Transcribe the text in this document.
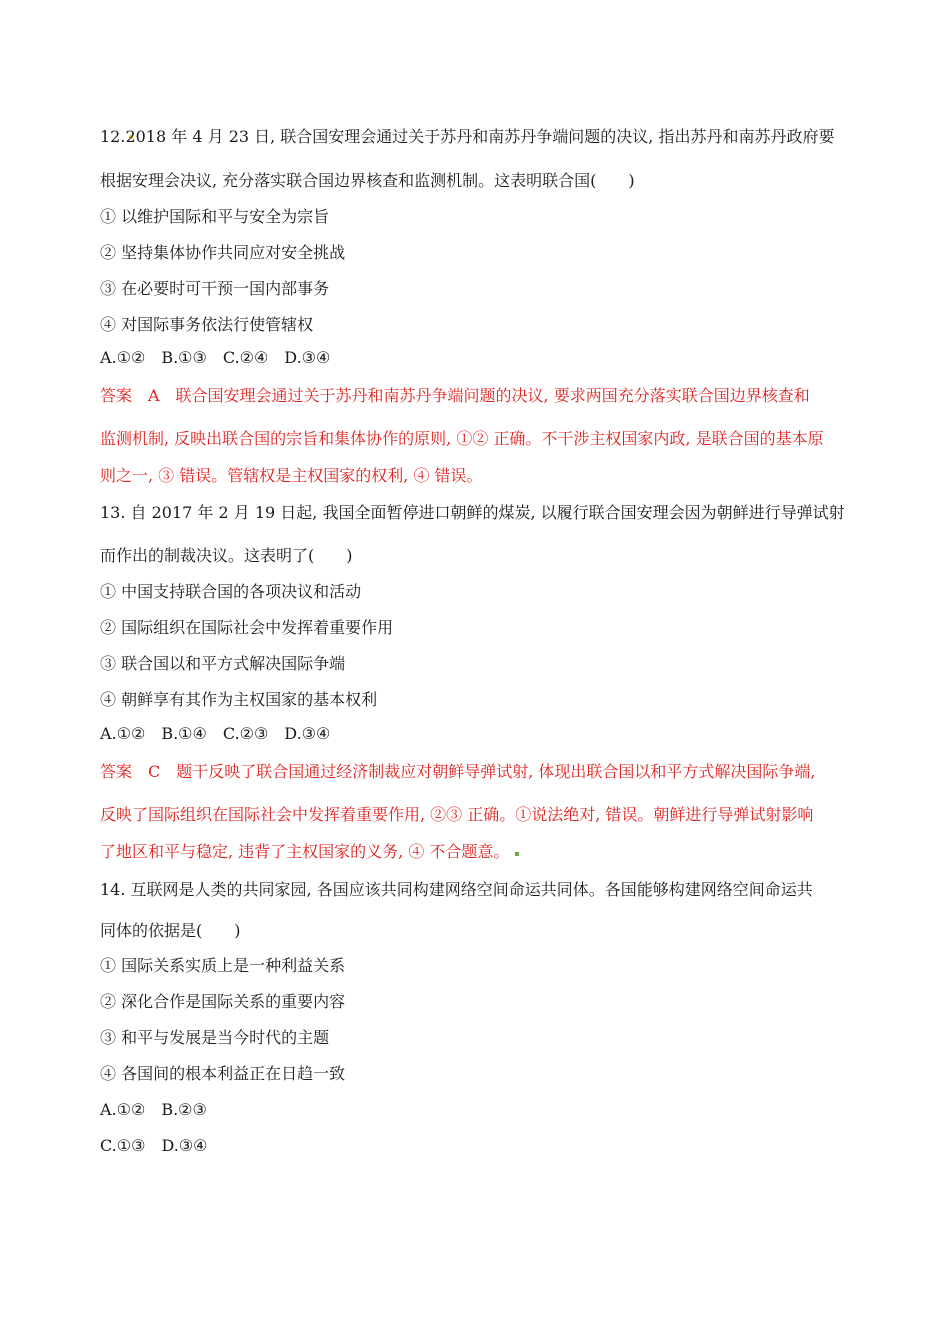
12.2018 年 4 月 23 日, 联合国安理会通过关于苏丹和南苏丹争端问题的决议, 指出苏丹和南苏丹政府要

根据安理会决议, 充分落实联合国边界核查和监测机制。这表明联合国(　　)

① 以维护国际和平与安全为宗旨

② 坚持集体协作共同应对安全挑战

③ 在必要时可干预一国内部事务

④ 对国际事务依法行使管辖权

A.①②　B.①③　C.②④　D.③④

答案　A　联合国安理会通过关于苏丹和南苏丹争端问题的决议, 要求两国充分落实联合国边界核查和

监测机制, 反映出联合国的宗旨和集体协作的原则, ①② 正确。不干涉主权国家内政, 是联合国的基本原

则之一, ③ 错误。管辖权是主权国家的权利, ④ 错误。

13. 自 2017 年 2 月 19 日起, 我国全面暂停进口朝鲜的煤炭, 以履行联合国安理会因为朝鲜进行导弹试射

而作出的制裁决议。这表明了(　　)

① 中国支持联合国的各项决议和活动

② 国际组织在国际社会中发挥着重要作用

③ 联合国以和平方式解决国际争端

④ 朝鲜享有其作为主权国家的基本权利

A.①②　B.①④　C.②③　D.③④

答案　C　题干反映了联合国通过经济制裁应对朝鲜导弹试射, 体现出联合国以和平方式解决国际争端,

反映了国际组织在国际社会中发挥着重要作用, ②③ 正确。①说法绝对, 错误。朝鲜进行导弹试射影响

了地区和平与稳定, 违背了主权国家的义务, ④ 不合题意。

14. 互联网是人类的共同家园, 各国应该共同构建网络空间命运共同体。各国能够构建网络空间命运共

同体的依据是(　　)

① 国际关系实质上是一种利益关系

② 深化合作是国际关系的重要内容

③ 和平与发展是当今时代的主题

④ 各国间的根本利益正在日趋一致

A.①②　B.②③

C.①③　D.③④
